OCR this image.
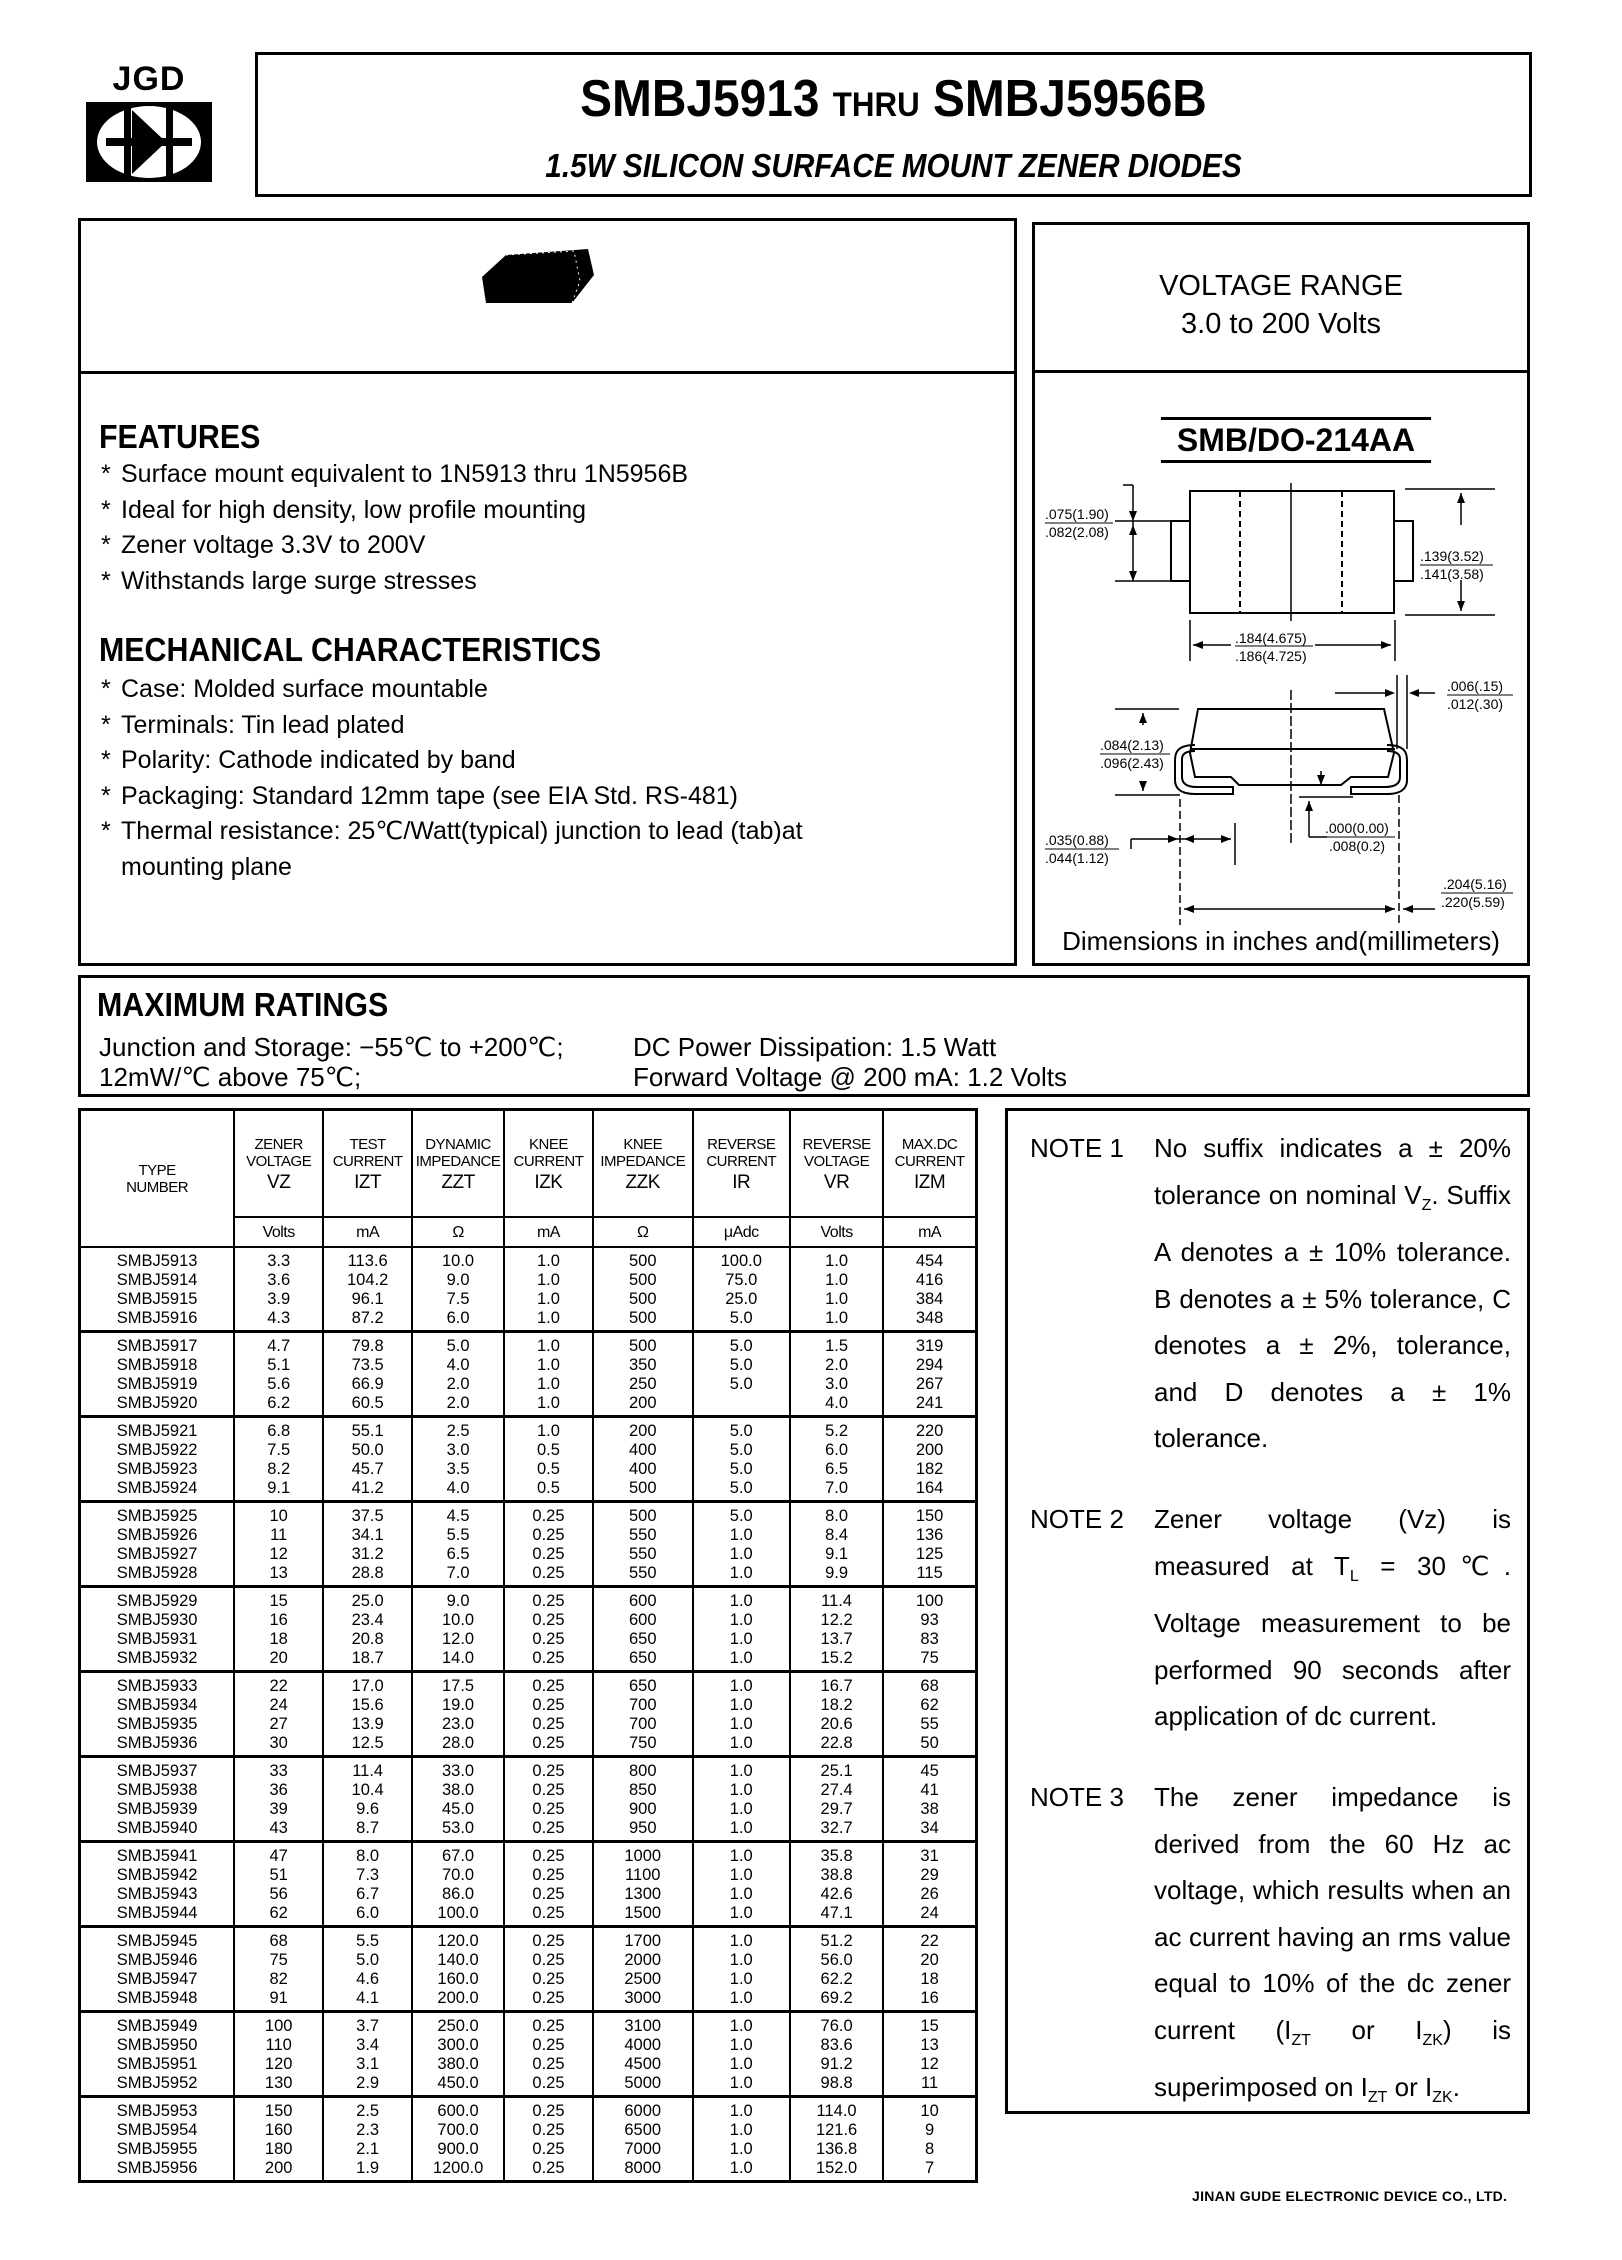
JGD	SMBJ5913 THRU SMBJ5956B
1.5W SILICON SURFACE MOUNT ZENER DIODES
FEATURES
* Surface mount equivalent to 1N5913 thru 1N5956B
* Ideal for high density, low profile mounting
* Zener voltage 3.3V to 200V
* Withstands large surge stresses
MECHANICAL CHARACTERISTICS
* Case: Molded surface mountable
* Terminals: Tin lead plated
* Polarity: Cathode indicated by band
* Packaging: Standard 12mm tape (see EIA Std. RS-481)
* Thermal resistance: 25℃/Watt(typical) junction to lead (tab)at
mounting plane
VOLTAGE RANGE
3.0 to 200 Volts
SMB/DO-214AA
.075(1.90)
.082(2.08)
.139(3.52)
.141(3.58)
.184(4.675)
.186(4.725)
.006(.15)
.012(.30)
.084(2.13)
.096(2.43)
.035(0.88)
.044(1.12)
.000(0.00)
.008(0.2)
.204(5.16)
.220(5.59)
Dimensions in inches and(millimeters)
MAXIMUM RATINGS
Junction and Storage: −55℃ to +200℃;	DC Power Dissipation: 1.5 Watt
12mW/℃ above 75℃;	Forward Voltage @ 200 mA: 1.2 Volts
TYPE
NUMBER	ZENER
VOLTAGE
VZ	TEST
CURRENT
IZT	DYNAMIC
IMPEDANCE
ZZT	KNEE
CURRENT
IZK	KNEE
IMPEDANCE
ZZK	REVERSE
CURRENT
IR	REVERSE
VOLTAGE
VR	MAX.DC
CURRENT
IZM

	Volts	mA	Ω	mA	Ω	μAdc	Volts	mA
SMBJ5913	3.3	113.6	10.0	1.0	500	100.0	1.0	454
SMBJ5914	3.6	104.2	9.0	1.0	500	75.0	1.0	416
SMBJ5915	3.9	96.1	7.5	1.0	500	25.0	1.0	384
SMBJ5916	4.3	87.2	6.0	1.0	500	5.0	1.0	348
SMBJ5917	4.7	79.8	5.0	1.0	500	5.0	1.5	319
SMBJ5918	5.1	73.5	4.0	1.0	350	5.0	2.0	294
SMBJ5919	5.6	66.9	2.0	1.0	250	5.0	3.0	267
SMBJ5920	6.2	60.5	2.0	1.0	200		4.0	241
SMBJ5921	6.8	55.1	2.5	1.0	200	5.0	5.2	220
SMBJ5922	7.5	50.0	3.0	0.5	400	5.0	6.0	200
SMBJ5923	8.2	45.7	3.5	0.5	400	5.0	6.5	182
SMBJ5924	9.1	41.2	4.0	0.5	500	5.0	7.0	164
SMBJ5925	10	37.5	4.5	0.25	500	5.0	8.0	150
SMBJ5926	11	34.1	5.5	0.25	550	1.0	8.4	136
SMBJ5927	12	31.2	6.5	0.25	550	1.0	9.1	125
SMBJ5928	13	28.8	7.0	0.25	550	1.0	9.9	115
SMBJ5929	15	25.0	9.0	0.25	600	1.0	11.4	100
SMBJ5930	16	23.4	10.0	0.25	600	1.0	12.2	93
SMBJ5931	18	20.8	12.0	0.25	650	1.0	13.7	83
SMBJ5932	20	18.7	14.0	0.25	650	1.0	15.2	75
SMBJ5933	22	17.0	17.5	0.25	650	1.0	16.7	68
SMBJ5934	24	15.6	19.0	0.25	700	1.0	18.2	62
SMBJ5935	27	13.9	23.0	0.25	700	1.0	20.6	55
SMBJ5936	30	12.5	28.0	0.25	750	1.0	22.8	50
SMBJ5937	33	11.4	33.0	0.25	800	1.0	25.1	45
SMBJ5938	36	10.4	38.0	0.25	850	1.0	27.4	41
SMBJ5939	39	9.6	45.0	0.25	900	1.0	29.7	38
SMBJ5940	43	8.7	53.0	0.25	950	1.0	32.7	34
SMBJ5941	47	8.0	67.0	0.25	1000	1.0	35.8	31
SMBJ5942	51	7.3	70.0	0.25	1100	1.0	38.8	29
SMBJ5943	56	6.7	86.0	0.25	1300	1.0	42.6	26
SMBJ5944	62	6.0	100.0	0.25	1500	1.0	47.1	24
SMBJ5945	68	5.5	120.0	0.25	1700	1.0	51.2	22
SMBJ5946	75	5.0	140.0	0.25	2000	1.0	56.0	20
SMBJ5947	82	4.6	160.0	0.25	2500	1.0	62.2	18
SMBJ5948	91	4.1	200.0	0.25	3000	1.0	69.2	16
SMBJ5949	100	3.7	250.0	0.25	3100	1.0	76.0	15
SMBJ5950	110	3.4	300.0	0.25	4000	1.0	83.6	13
SMBJ5951	120	3.1	380.0	0.25	4500	1.0	91.2	12
SMBJ5952	130	2.9	450.0	0.25	5000	1.0	98.8	11
SMBJ5953	150	2.5	600.0	0.25	6000	1.0	114.0	10
SMBJ5954	160	2.3	700.0	0.25	6500	1.0	121.6	9
SMBJ5955	180	2.1	900.0	0.25	7000	1.0	136.8	8
SMBJ5956	200	1.9	1200.0	0.25	8000	1.0	152.0	7
NOTE 1	No suffix indicates a ± 20% tolerance on nominal $V_Z$. Suffix A denotes a ± 10% tolerance. B denotes a ± 5% tolerance, C denotes a ± 2%, tolerance, and D denotes a ± 1% tolerance.
NOTE 2	Zener voltage (Vz) is measured at $T_L$ = 30℃. Voltage measurement to be performed 90 seconds after application of dc current.
NOTE 3	The zener impedance is derived from the 60 Hz ac voltage, which results when an ac current having an rms value equal to 10% of the dc zener current ($I_{ZT}$ or $I_{ZK}$) is superimposed on $I_{ZT}$ or $I_{ZK}$.
JINAN GUDE ELECTRONIC DEVICE CO., LTD.
